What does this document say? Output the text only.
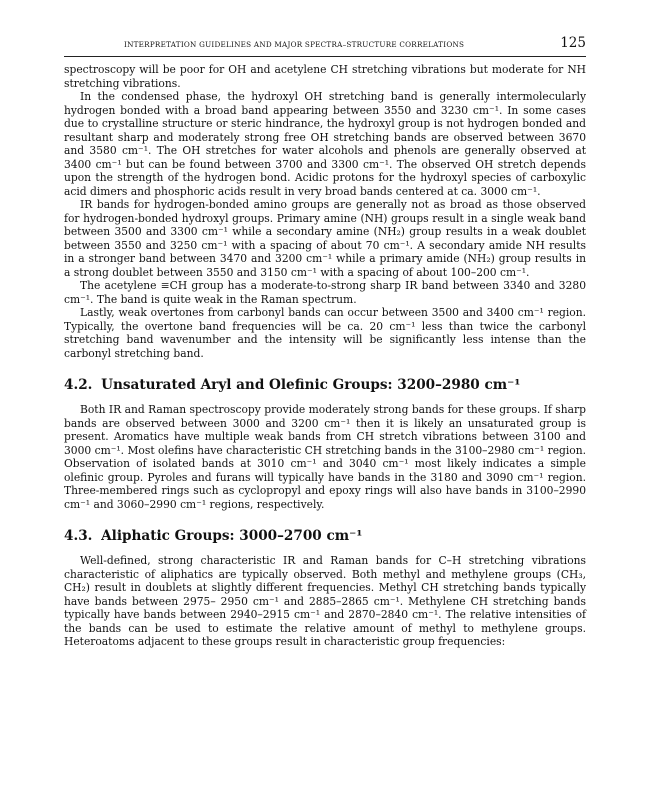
INTERPRETATION GUIDELINES AND MAJOR SPECTRA–STRUCTURE CORRELATIONS	125

spectroscopy will be poor for OH and acetylene CH stretching vibrations but moderate for NH stretching vibrations.

In the condensed phase, the hydroxyl OH stretching band is generally intermolecularly hydrogen bonded with a broad band appearing between 3550 and 3230 cm⁻¹. In some cases due to crystalline structure or steric hindrance, the hydroxyl group is not hydrogen bonded and resultant sharp and moderately strong free OH stretching bands are observed between 3670 and 3580 cm⁻¹. The OH stretches for water alcohols and phenols are generally observed at 3400 cm⁻¹ but can be found between 3700 and 3300 cm⁻¹. The observed OH stretch depends upon the strength of the hydrogen bond. Acidic protons for the hydroxyl species of carboxylic acid dimers and phosphoric acids result in very broad bands centered at ca. 3000 cm⁻¹.

IR bands for hydrogen-bonded amino groups are generally not as broad as those observed for hydrogen-bonded hydroxyl groups. Primary amine (NH) groups result in a single weak band between 3500 and 3300 cm⁻¹ while a secondary amine (NH₂) group results in a weak doublet between 3550 and 3250 cm⁻¹ with a spacing of about 70 cm⁻¹. A secondary amide NH results in a stronger band between 3470 and 3200 cm⁻¹ while a primary amide (NH₂) group results in a strong doublet between 3550 and 3150 cm⁻¹ with a spacing of about 100–200 cm⁻¹.

The acetylene ≡CH group has a moderate-to-strong sharp IR band between 3340 and 3280 cm⁻¹. The band is quite weak in the Raman spectrum.

Lastly, weak overtones from carbonyl bands can occur between 3500 and 3400 cm⁻¹ region. Typically, the overtone band frequencies will be ca. 20 cm⁻¹ less than twice the carbonyl stretching band wavenumber and the intensity will be significantly less intense than the carbonyl stretching band.

4.2. Unsaturated Aryl and Olefinic Groups: 3200–2980 cm⁻¹

Both IR and Raman spectroscopy provide moderately strong bands for these groups. If sharp bands are observed between 3000 and 3200 cm⁻¹ then it is likely an unsaturated group is present. Aromatics have multiple weak bands from CH stretch vibrations between 3100 and 3000 cm⁻¹. Most olefins have characteristic CH stretching bands in the 3100–2980 cm⁻¹ region. Observation of isolated bands at 3010 cm⁻¹ and 3040 cm⁻¹ most likely indicates a simple olefinic group. Pyroles and furans will typically have bands in the 3180 and 3090 cm⁻¹ region. Three-membered rings such as cyclopropyl and epoxy rings will also have bands in 3100–2990 cm⁻¹ and 3060–2990 cm⁻¹ regions, respectively.

4.3. Aliphatic Groups: 3000–2700 cm⁻¹

Well-defined, strong characteristic IR and Raman bands for C–H stretching vibrations characteristic of aliphatics are typically observed. Both methyl and methylene groups (CH₃, CH₂) result in doublets at slightly different frequencies. Methyl CH stretching bands typically have bands between 2975– 2950 cm⁻¹ and 2885–2865 cm⁻¹. Methylene CH stretching bands typically have bands between 2940–2915 cm⁻¹ and 2870–2840 cm⁻¹. The relative intensities of the bands can be used to estimate the relative amount of methyl to methylene groups. Heteroatoms adjacent to these groups result in characteristic group frequencies:
